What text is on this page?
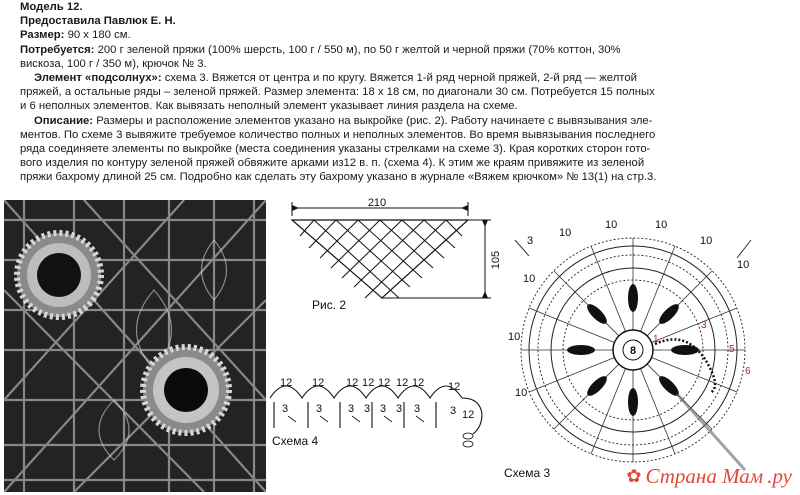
Модель 12.
Предоставила Павлюк Е. Н.
Размер: 90 x 180 см.
Потребуется: 200 г зеленой пряжи (100% шерсть, 100 г / 550 м), по 50 г желтой и черной пряжи (70% коттон, 30%
вискоза, 100 г / 350 м), крючок № 3.
Элемент «подсолнух»: схема 3. Вяжется от центра и по кругу. Вяжется 1-й ряд черной пряжей, 2-й ряд — желтой
пряжей, а остальные ряды – зеленой пряжей. Размер элемента: 18 х 18 см, по диагонали 30 см. Потребуется 15 полных
и 6 неполных элементов. Как вывязать неполный элемент указывает линия раздела на схеме.
Описание: Размеры и расположение элементов указано на выкройке (рис. 2). Работу начинаете с вывязывания эле-
ментов. По схеме 3 вывяжите требуемое количество полных и неполных элементов. Во время вывязывания последнего
ряда соединяете элементы по выкройке (места соединения указаны стрелками на схеме 3). Края коротких сторон гото-
вого изделия по контуру зеленой пряжей обвяжите арками из12 в. п. (схема 4). К этим же краям привяжите из зеленой
пряжи бахрому длиной 25 см. Подробно как сделать эту бахрому указано в журнале «Вяжем крючком» № 13(1) на стр.3.
210
105
Рис. 2
12 12 12 12 12 12 12 12
12
3	3 3 3 3 3 3	3
Схема 4
8
1
3
5
6
10
10	10
10
10
10
10
10
3
Схема 3	✿ Страна Мам .ру
